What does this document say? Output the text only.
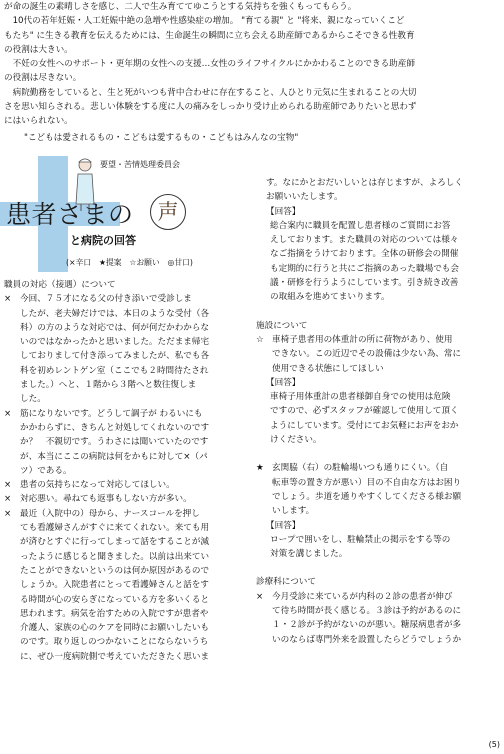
が命の誕生の素晴しさを感じ、二人で生み育ててゆこうとする気持ちを強くもってもらう。

　10代の若年妊娠・人工妊娠中絶の急増や性感染症の増加。 "育てる親" と "将来、親になっていくこど

もたち" に生きる教育を伝えるためには、生命誕生の瞬間に立ち会える助産師であるからこそできる性教育

の役割は大きい。

　不妊の女性へのサポート・更年期の女性への支援…女性のライフサイクルにかかわることのできる助産師

の役割は尽きない。

　病院勤務をしていると、生と死がいつも背中合わせに存在すること、人ひとり元気に生まれることの大切

さを思い知らされる。悲しい体験をする度に人の痛みをしっかり受け止められる助産師でありたいと思わず

にはいられない。

"こどもは愛されるもの・こどもは愛するもの・こどもはみんなの宝物"

要望・苦情処理委員会
患者さまの	声
と病院の回答
(×辛口　★提案　☆お願い　◎甘口)

職員の対応（接遇）について

×	今回、７５才になる父の付き添いで受診しま

したが、老夫婦だけでは、本日のような受付（各

科）の方のような対応では、何が何だかわからな

いのではなかったかと思いました。ただまま帰宅

しておりまして付き添ってみましたが、私でも各

科を初めレントゲン室（ここでも２時間待たされ

ました。）へと、１階から３階へと数往復しま

した。

×	筋になりないです。どうして調子が わるいにも

かかわらずに、きちんと対処してくれないのです

か？　不親切です。うわさには聞いていたのです

が、本当にここの病院は何をかもに対して×（パ

ツ）である。

×	患者の気持ちになって対応してほしい。

×	対応悪い。尋ねても返事もしない方が多い。

×	最近（入院中の）母から、ナースコールを押し

ても看護婦さんがすぐに来てくれない。来ても用

が済むとすぐに行ってしまって話をすることが減

ったように感じると聞きました。以前は出来てい

たことができないというのは何か原因があるので

しょうか。入院患者にとって看護婦さんと話をす

る時間が心の安らぎになっている方を多いくると

思われます。病気を治すための入院ですが患者や

介護人、家族の心のケアを同時にお願いしたいも

のです。取り返しのつかないことにならないうち

に、ぜひ一度病院側で考えていただきたく思いま

す。なにかとおだいしいとは存じますが、よろしく

お願いいたします。

【回答】

総合案内に職員を配置し患者様のご質問にお答

えしております。また職員の対応のついては様々

なご指摘をうけております。全体の研修会の開催

も定期的に行うと共にご指摘のあった職場でも会

議・研修を行うようにしています。引き続き改善

の取組みを進めてまいります。

施設について

☆ 車椅子患者用の体重計の所に荷物があり、使用

できない。この近辺でその設備は少ない為、常に

使用できる状態にしてほしい

【回答】

車椅子用体重計の患者様御自身での使用は危険

ですので、必ずスタッフが確認して使用して頂く

ようにしています。受付にてお気軽にお声をおか

けください。

★ 玄関脇（右）の駐輪場いつも通りにくい。（自

転車等の置き方が悪い）目の不自由な方はお困り

でしょう。歩道を通りやすくしてくださる様お願

いします。

【回答】

ロープで囲いをし、駐輪禁止の掲示をする等の

対策を講じました。

診療科について

×	今月受診に来ているが内科の２診の患者が伸び

て待ち時間が長く感じる。３診は予約があるのに

１・２診が予約がないのが悪い。糖尿病患者が多

いのならば専門外来を設置したらどうでしょうか

(5)
